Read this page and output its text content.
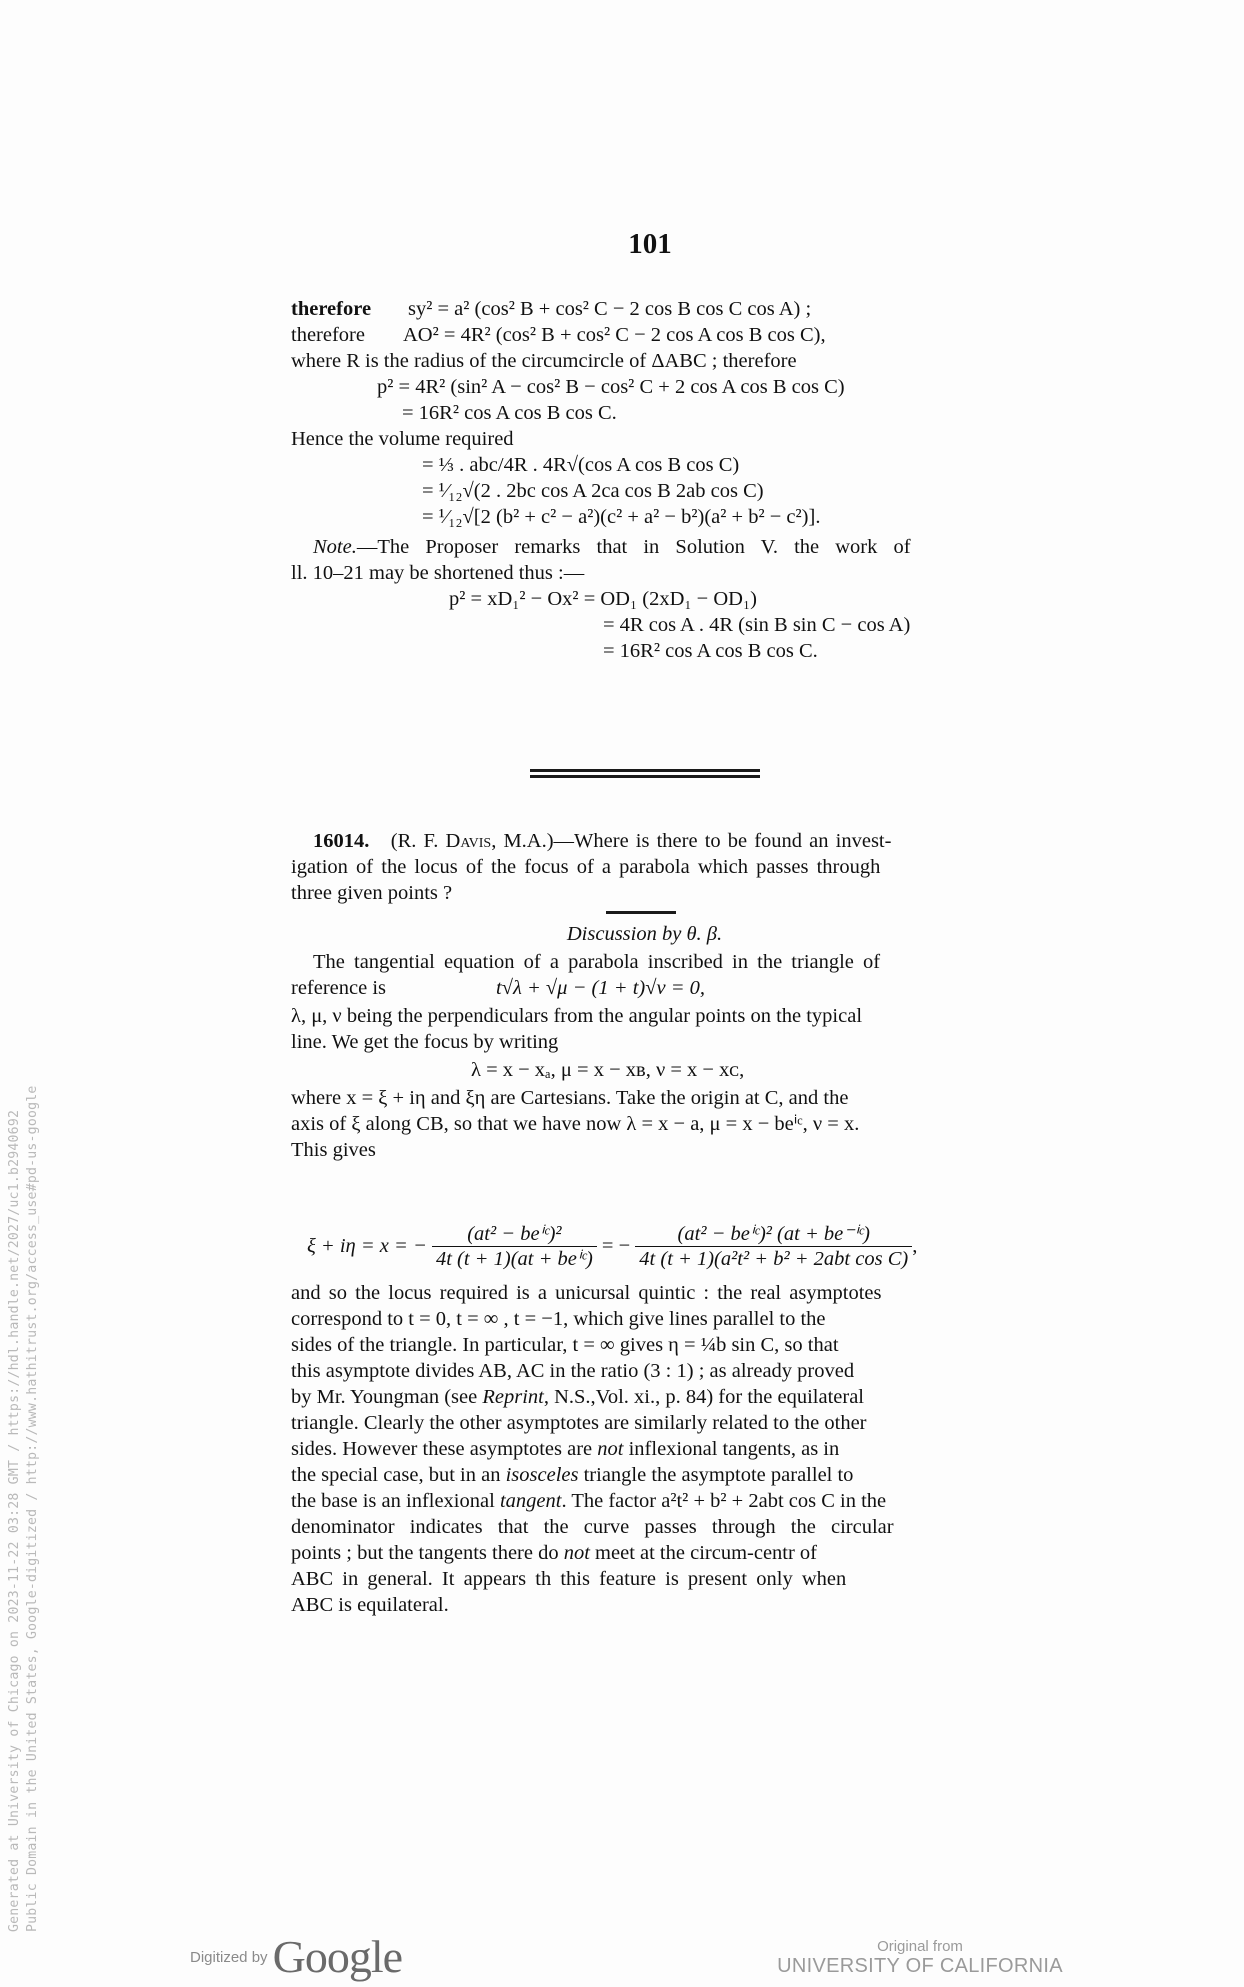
Generated at University of Chicago on 2023-11-22 03:28 GMT / https://hdl.handle.net/2027/uc1.b2940692 Public Domain in the United States, Google-digitized / http://www.hathitrust.org/access_use#pd-us-google
101
therefore sy² = a² (cos² B + cos² C − 2 cos B cos C cos A) ;
therefore AO² = 4R² (cos² B + cos² C − 2 cos A cos B cos C),
where R is the radius of the circumcircle of ΔABC ; therefore
p² = 4R² (sin² A − cos² B − cos² C + 2 cos A cos B cos C)
= 16R² cos A cos B cos C.
Hence the volume required
= ⅓ . abc/4R . 4R√(cos A cos B cos C)
= ¹⁄₁₂√(2 . 2bc cos A 2ca cos B 2ab cos C)
= ¹⁄₁₂√[2 (b² + c² − a²)(c² + a² − b²)(a² + b² − c²)].
Note.—The Proposer remarks that in Solution V. the work of
ll. 10–21 may be shortened thus :—
p² = xD₁² − Ox² = OD₁ (2xD₁ − OD₁)
= 4R cos A . 4R (sin B sin C − cos A)
= 16R² cos A cos B cos C.
16014. (R. F. Davis, M.A.)—Where is there to be found an invest-
igation of the locus of the focus of a parabola which passes through
three given points ?
Discussion by θ. β.
The tangential equation of a parabola inscribed in the triangle of
reference is	t√λ + √μ − (1 + t)√ν = 0,
λ, μ, ν being the perpendiculars from the angular points on the typical
line. We get the focus by writing
λ = x − xₐ, μ = x − xʙ, ν = x − xᴄ,
where x = ξ + iη and ξη are Cartesians. Take the origin at C, and the
axis of ξ along CB, so that we have now λ = x − a, μ = x − beⁱᶜ, ν = x.
This gives
ξ + iη = x = − $\frac{\text{(at² − beⁱᶜ)²}}{\text{4t (t + 1)(at + beⁱᶜ)}}$ = − $\frac{\text{(at² − beⁱᶜ)² (at + be⁻ⁱᶜ)}}{\text{4t (t + 1)(a²t² + b² + 2abt cos C)}}$ ,
and so the locus required is a unicursal quintic : the real asymptotes
correspond to t = 0, t = ∞ , t = −1, which give lines parallel to the
sides of the triangle. In particular, t = ∞ gives η = ¼b sin C, so that
this asymptote divides AB, AC in the ratio (3 : 1) ; as already proved
by Mr. Youngman (see Reprint, N.S.,Vol. xi., p. 84) for the equilateral
triangle. Clearly the other asymptotes are similarly related to the other
sides. However these asymptotes are not inflexional tangents, as in
the special case, but in an isosceles triangle the asymptote parallel to
the base is an inflexional tangent. The factor a²t² + b² + 2abt cos C in the
denominator indicates that the curve passes through the circular
points ; but the tangents there do not meet at the circum-centr of
ABC in general. It appears th this feature is present only when
ABC is equilateral.
Digitized by Google	Original from
UNIVERSITY OF CALIFORNIA
